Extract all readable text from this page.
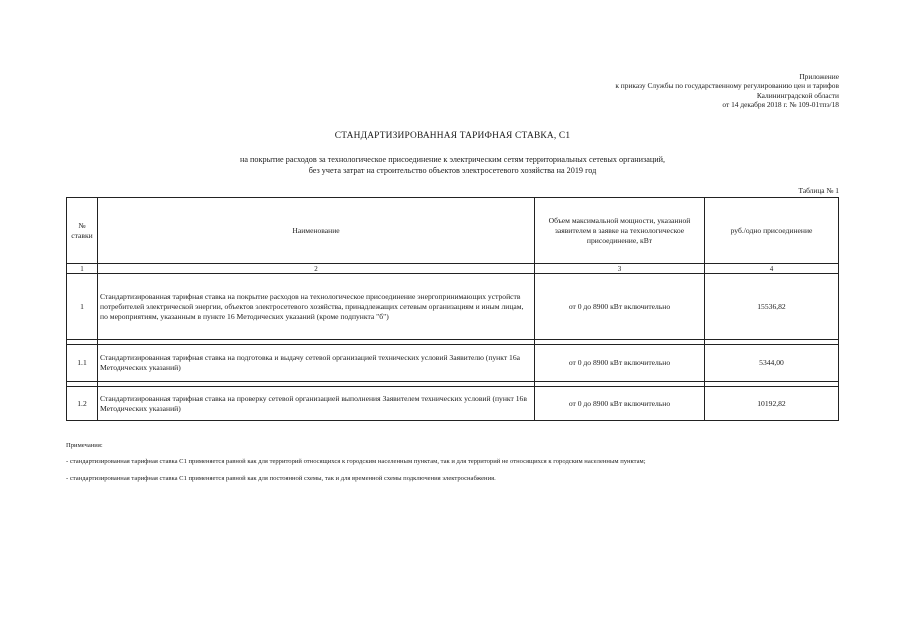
Приложение
к приказу Службы по государственному регулированию цен и тарифов
Калининградской области
от 14 декабря 2018 г. № 109-01тпэ/18
СТАНДАРТИЗИРОВАННАЯ ТАРИФНАЯ СТАВКА, С1
на покрытие расходов за технологическое присоединение к электрическим сетям территориальных сетевых организаций,
без учета затрат на строительство объектов электросетевого хозяйства на 2019 год
Таблица № 1
№ ставки	Наименование	Объем максимальной мощности, указанной заявителем в заявке на технологическое присоединение, кВт	руб./одно присоединение
1	2	3	4
1	Стандартизированная тарифная ставка на покрытие расходов на технологическое присоединение энергопринимающих устройств потребителей электрической энергии, объектов электросетевого хозяйства, принадлежащих сетевым организациям и иным лицам, по мероприятиям, указанным в пункте 16 Методических указаний (кроме подпункта "б")	от 0 до 8900 кВт включительно	15536,82

1.1	Стандартизированная тарифная ставка на подготовка и выдачу сетевой организацией технических условий Заявителю (пункт 16а Методических указаний)	от 0 до 8900 кВт включительно	5344,00

1.2	Стандартизированная тарифная ставка на проверку сетевой организацией выполнения Заявителем технических условий (пункт 16в Методических указаний)	от 0 до 8900 кВт включительно	10192,82
Примечания:
- стандартизированная тарифная ставка С1 применяется равной как для территорий относящихся к городским населенным пунктам, так и для территорий не относящихся к городским населенным пунктам;
- стандартизированная тарифная ставка С1 применяется равной как для постоянной схемы, так и для временной схемы подключения электроснабжения.
